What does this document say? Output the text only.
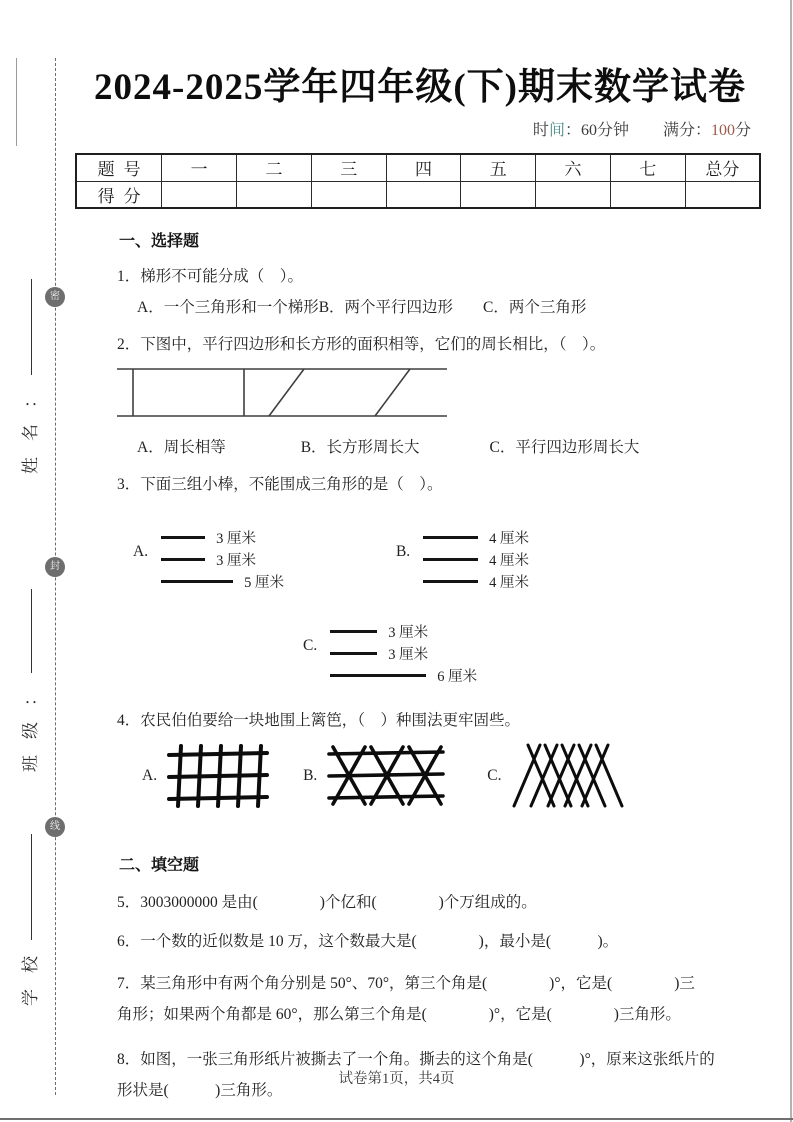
密
封
线
姓名：
班级：
学校
2024-2025学年四年级(下)期末数学试卷
时间：60分钟 满分：100分
题号	一	二	三	四	五	六	七	总分
得分								
一、选择题
1．梯形不可能分成（　）。
A．一个三角形和一个梯形B．两个平行四边形 C．两个三角形
2．下图中，平行四边形和长方形的面积相等，它们的周长相比，（　）。
A．周长相等	B．长方形周长大	C．平行四边形周长大
3．下面三组小棒，不能围成三角形的是（　）。
A.
3 厘米
3 厘米
5 厘米
B.
4 厘米
4 厘米
4 厘米
C.
3 厘米
3 厘米
6 厘米
4．农民伯伯要给一块地围上篱笆，（　）种围法更牢固些。
A.	B.	C.
二、填空题
5．3003000000 是由(　　　　)个亿和(　　　　)个万组成的。
6．一个数的近似数是 10 万，这个数最大是(　　　　)，最小是(　　　)。
7．某三角形中有两个角分别是 50°、70°，第三个角是(　　　　)°，它是(　　　　)三
角形；如果两个角都是 60°，那么第三个角是(　　　　)°，它是(　　　　)三角形。
8．如图，一张三角形纸片被撕去了一个角。撕去的这个角是(　　　)°，原来这张纸片的
形状是(　　　)三角形。
试卷第1页，共4页
